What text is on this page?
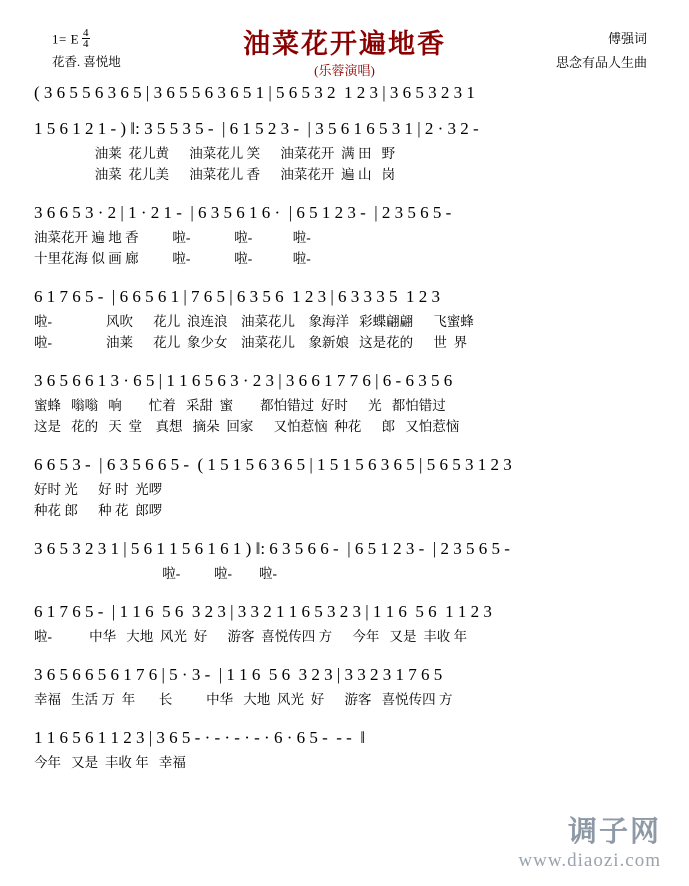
1= E $\frac{4}{4}$
花香. 喜悦地
油菜花开遍地香
(乐蓉演唱)
傅强词
思念有品人生曲
( 3 6 5 5 6 3 6 5 | 3 6 5 5 6 3 6 5 1 | 5 6 5 3 2  1 2 3 | 3 6 5 3 2 3 1
1 5 6 1 2 1 - ) ‖: 3 5 5 3 5 -  | 6 1 5 2 3 -  | 3 5 6 1 6 5 3 1 | 2 · 3 2 -
油莱  花儿黄      油菜花儿 笑      油菜花开  满 田   野
油菜  花儿美      油菜花儿 香      油菜花开  遍 山   岗
3 6 6 5 3 · 2 | 1 · 2 1 -  | 6 3 5 6 1 6 ·  | 6 5 1 2 3 -  | 2 3 5 6 5 -
油菜花开 遍 地 香          啦-             啦-            啦-
十里花海 似 画 廊          啦-             啦-            啦-
6 1 7 6 5 -  | 6 6 5 6 1 | 7 6 5 | 6 3 5 6  1 2 3 | 6 3 3 3 5  1 2 3
啦-                风吹      花儿  浪连浪    油菜花儿    象海洋   彩蝶翩翩      飞蜜蜂
啦-                油莱      花儿  象少女    油菜花儿    象新娘   这是花的      世  界
3 6 5 6 6 1 3 · 6 5 | 1 1 6 5 6 3 · 2 3 | 3 6 6 1 7 7 6 | 6 - 6 3 5 6
蜜蜂   嗡嗡   响        忙着   采甜  蜜        都怕错过  好时      光   都怕错过
这是   花的   天  堂    真想   摘朵  回家      又怕惹恼  种花      郎   又怕惹恼
6 6 5 3 -  | 6 3 5 6 6 5 -  ( 1 5 1 5 6 3 6 5 | 1 5 1 5 6 3 6 5 | 5 6 5 3 1 2 3
好时 光      好 时  光啰
种花 郎      种 花  郎啰
3 6 5 3 2 3 1 | 5 6 1 1 5 6 1 6 1 ) ‖: 6 3 5 6 6 -  | 6 5 1 2 3 -  | 2 3 5 6 5 -
啦-          啦-        啦-
6 1 7 6 5 -  | 1 1 6  5 6  3 2 3 | 3 3 2 1 1 6 5 3 2 3 | 1 1 6  5 6  1 1 2 3
啦-           中华   大地  风光  好      游客  喜悦传四 方      今年   又是  丰收 年
3 6 5 6 6 5 6 1 7 6 | 5 · 3 -  | 1 1 6  5 6  3 2 3 | 3 3 2 3 1 7 6 5
幸福   生活 万  年       长          中华   大地  风光  好      游客   喜悦传四 方
1 1 6 5 6 1 1 2 3 | 3 6 5 - · - · - · - · 6 · 6 5 -  - -  ‖
今年   又是  丰收 年   幸福
调子网
www.diaozi.com
